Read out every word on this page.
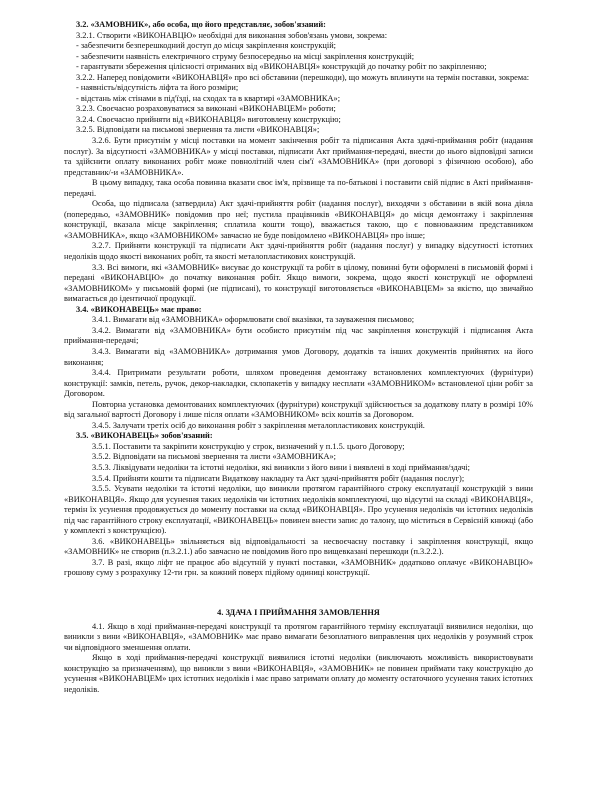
3.2. «ЗАМОВНИК», або особа, що його представляє, зобов'язаний:

3.2.1. Створити «ВИКОНАВЦЮ» необхідні для виконання зобов'язань умови, зокрема:

- забезпечити безперешкодний доступ до місця закріплення конструкцій;

- забезпечити наявність електричного струму безпосередньо на місці закріплення конструкцій;

- гарантувати збереження цілісності отриманих від «ВИКОНАВЦЯ» конструкцій до початку робіт по закріпленню;

3.2.2. Наперед повідомити «ВИКОНАВЦЯ» про всі обставини (перешкоди), що можуть вплинути на термін поставки, зокрема:

- наявність/відсутність ліфта та його розміри;

- відстань між стінами в під'їзді, на сходах та в квартирі «ЗАМОВНИКА»;

3.2.3. Своєчасно розраховуватися за виконані «ВИКОНАВЦЕМ» роботи;

3.2.4. Своєчасно прийняти від «ВИКОНАВЦЯ» виготовлену конструкцію;

3.2.5. Відповідати на письмові звернення та листи «ВИКОНАВЦЯ»;

3.2.6. Бути присутнім у місці поставки на момент закінчення робіт та підписання Акта здачі-приймання робіт (надання послуг). За відсутності «ЗАМОВНИКА» у місці поставки, підписати Акт приймання-передачі, внести до нього відповідні записи та здійснити оплату виконаних робіт може повнолітній член сім'ї «ЗАМОВНИКА» (при договорі з фізичною особою), або представник/-и «ЗАМОВНИКА».

В цьому випадку, така особа повинна вказати своє ім'я, прізвище та по-батькові і поставити свій підпис в Акті приймання-передачі.

Особа, що підписала (затвердила) Акт здачі-прийняття робіт (надання послуг), виходячи з обставини в якій вона діяла (попередньо, «ЗАМОВНИК» повідомив про неї; пустила працівників «ВИКОНАВЦЯ» до місця демонтажу і закріплення конструкції, вказала місце закріплення; сплатила кошти тощо), вважається такою, що є повноважним представником «ЗАМОВНИКА», якщо «ЗАМОВНИКОМ» завчасно не буде повідомлено «ВИКОНАВЦЯ» про інше;

3.2.7. Прийняти конструкції та підписати Акт здачі-прийняття робіт (надання послуг) у випадку відсутності істотних недоліків щодо якості виконаних робіт, та якості металопластикових конструкцій.

3.3. Всі вимоги, які «ЗАМОВНИК» висуває до конструкції та робіт в цілому, повинні бути оформлені в письмовій формі і передані «ВИКОНАВЦЮ» до початку виконання робіт. Якщо вимоги, зокрема, щодо якості конструкції не оформлені «ЗАМОВНИКОМ» у письмовій формі (не підписані), то конструкції виготовляється «ВИКОНАВЦЕМ» за якістю, що звичайно вимагається до ідентичної продукції.

3.4. «ВИКОНАВЕЦЬ» має право:

3.4.1. Вимагати від «ЗАМОВНИКА» оформлювати свої вказівки, та зауваження письмово;

3.4.2. Вимагати від «ЗАМОВНИКА» бути особисто присутнім під час закріплення конструкцій і підписання Акта приймання-передачі;

3.4.3. Вимагати від «ЗАМОВНИКА» дотримання умов Договору, додатків та інших документів прийнятих на його виконання;

3.4.4. Притримати результати роботи, шляхом проведення демонтажу встановлених комплектуючих (фурнітури) конструкції: замків, петель, ручок, декор-накладки, склопакетів у випадку несплати «ЗАМОВНИКОМ» встановленої ціни робіт за Договором.

Повторна установка демонтованих комплектуючих (фурнітури) конструкції здійснюється за додаткову плату в розмірі 10% від загальної вартості Договору і лише після оплати «ЗАМОВНИКОМ» всіх коштів за Договором.

3.4.5. Залучати третіх осіб до виконання робіт з закріплення металопластикових конструкцій.

3.5. «ВИКОНАВЕЦЬ» зобов'язаний:

3.5.1. Поставити та закріпити конструкцію у строк, визначений у п.1.5. цього Договору;

3.5.2. Відповідати на письмові звернення та листи «ЗАМОВНИКА»;

3.5.3. Ліквідувати недоліки та істотні недоліки, які виникли з його вини і виявлені в ході приймання/здачі;

3.5.4. Прийняти кошти та підписати Видаткову накладну та Акт здачі-прийняття робіт (надання послуг);

3.5.5. Усувати недоліки та істотні недоліки, що виникли протягом гарантійного строку експлуатації конструкцій з вини «ВИКОНАВЦЯ». Якщо для усунення таких недоліків чи істотних недоліків комплектуючі, що відсутні на складі «ВИКОНАВЦЯ», термін їх усунення продовжується до моменту поставки на склад «ВИКОНАВЦЯ». Про усунення недоліків чи істотних недоліків під час гарантійного строку експлуатації, «ВИКОНАВЕЦЬ» повинен внести запис до талону, що міститься в Сервісній книжці (або у комплекті з конструкцією).

3.6. «ВИКОНАВЕЦЬ» звільняється від відповідальності за несвоєчасну поставку і закріплення конструкції, якщо «ЗАМОВНИК» не створив (п.3.2.1.) або завчасно не повідомив його про вищевказані перешкоди (п.3.2.2.).

3.7. В разі, якщо ліфт не працює або відсутній у пункті поставки, «ЗАМОВНИК» додатково оплачує «ВИКОНАВЦЮ» грошову суму з розрахунку 12-ти грн. за кожний поверх підйому одиниці конструкції.

4. ЗДАЧА І ПРИЙМАННЯ ЗАМОВЛЕННЯ

4.1. Якщо в ході приймання-передачі конструкції та протягом гарантійного терміну експлуатації виявилися недоліки, що виникли з вини «ВИКОНАВЦЯ», «ЗАМОВНИК» має право вимагати безоплатного виправлення цих недоліків у розумний строк чи відповідного зменшення оплати.

Якщо в ході приймання-передачі конструкції виявилися істотні недоліки (виключають можливість використовувати конструкцію за призначенням), що виникли з вини «ВИКОНАВЦЯ», «ЗАМОВНИК» не повинен приймати таку конструкцію до усунення «ВИКОНАВЦЕМ» цих істотних недоліків і має право затримати оплату до моменту остаточного усунення таких істотних недоліків.
